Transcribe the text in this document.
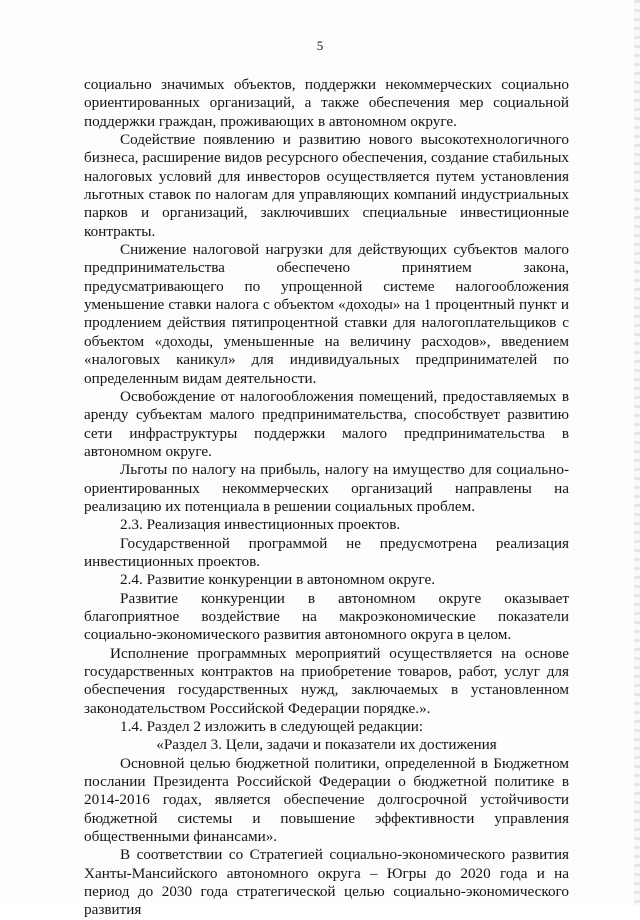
5

социально значимых объектов, поддержки некоммерческих социально ориентированных организаций, а также обеспечения мер социальной поддержки граждан, проживающих в автономном округе.

Содействие появлению и развитию нового высокотехнологичного бизнеса, расширение видов ресурсного обеспечения, создание стабильных налоговых условий для инвесторов осуществляется путем установления льготных ставок по налогам для управляющих компаний индустриальных парков и организаций, заключивших специальные инвестиционные контракты.

Снижение налоговой нагрузки для действующих субъектов малого предпринимательства обеспечено принятием закона, предусматривающего по упрощенной системе налогообложения уменьшение ставки налога с объектом «доходы» на 1 процентный пункт и продлением действия пятипроцентной ставки для налогоплательщиков с объектом «доходы, уменьшенные на величину расходов», введением «налоговых каникул» для индивидуальных предпринимателей по определенным видам деятельности.

Освобождение от налогообложения помещений, предоставляемых в аренду субъектам малого предпринимательства, способствует развитию сети инфраструктуры поддержки малого предпринимательства в автономном округе.

Льготы по налогу на прибыль, налогу на имущество для социально-ориентированных некоммерческих организаций направлены на реализацию их потенциала в решении социальных проблем.

2.3. Реализация инвестиционных проектов.

Государственной программой не предусмотрена реализация инвестиционных проектов.

2.4. Развитие конкуренции в автономном округе.

Развитие конкуренции в автономном округе оказывает благоприятное воздействие на макроэкономические показатели социально-экономического развития автономного округа в целом.

Исполнение программных мероприятий осуществляется на основе государственных контрактов на приобретение товаров, работ, услуг для обеспечения государственных нужд, заключаемых в установленном законодательством Российской Федерации порядке.».

1.4. Раздел 2 изложить в следующей редакции:

«Раздел 3. Цели, задачи и показатели их достижения

Основной целью бюджетной политики, определенной в Бюджетном послании Президента Российской Федерации о бюджетной политике в 2014-2016 годах, является обеспечение долгосрочной устойчивости бюджетной системы и повышение эффективности управления общественными финансами».

В соответствии со Стратегией социально-экономического развития Ханты-Мансийского автономного округа – Югры до 2020 года и на период до 2030 года стратегической целью социально-экономического развития
